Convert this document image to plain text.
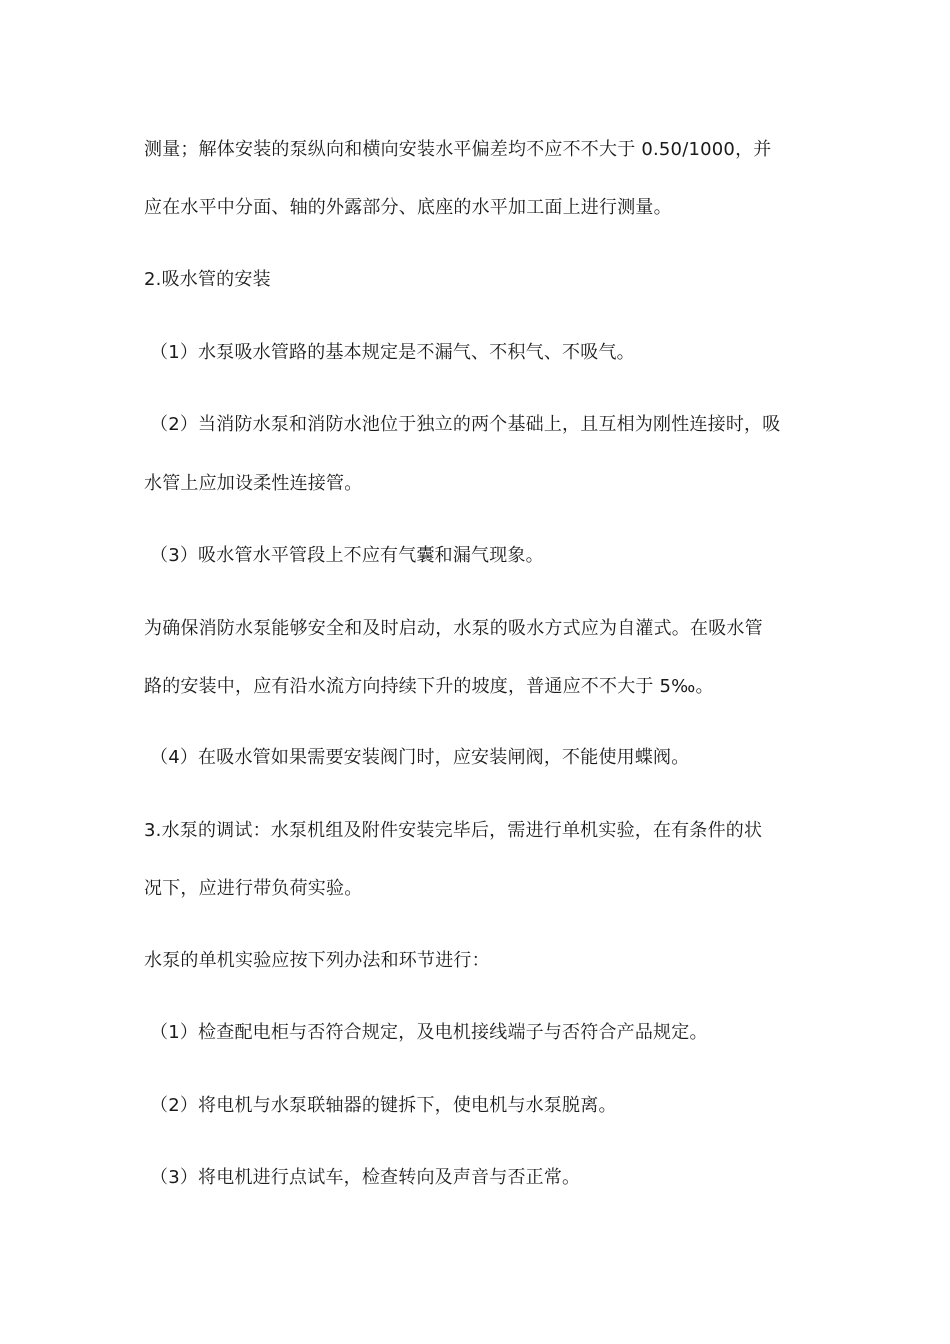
测量；解体安装的泵纵向和横向安装水平偏差均不应不不大于 0.50/1000，并
应在水平中分面、轴的外露部分、底座的水平加工面上进行测量。
2.吸水管的安装
（1）水泵吸水管路的基本规定是不漏气、不积气、不吸气。
（2）当消防水泵和消防水池位于独立的两个基础上，且互相为刚性连接时，吸
水管上应加设柔性连接管。
（3）吸水管水平管段上不应有气囊和漏气现象。
为确保消防水泵能够安全和及时启动，水泵的吸水方式应为自灌式。在吸水管
路的安装中，应有沿水流方向持续下升的坡度，普通应不不大于 5‰。
（4）在吸水管如果需要安装阀门时，应安装闸阀，不能使用蝶阀。
3.水泵的调试：水泵机组及附件安装完毕后，需进行单机实验，在有条件的状
况下，应进行带负荷实验。
水泵的单机实验应按下列办法和环节进行：
（1）检查配电柜与否符合规定，及电机接线端子与否符合产品规定。
（2）将电机与水泵联轴器的键拆下，使电机与水泵脱离。
（3）将电机进行点试车，检查转向及声音与否正常。
